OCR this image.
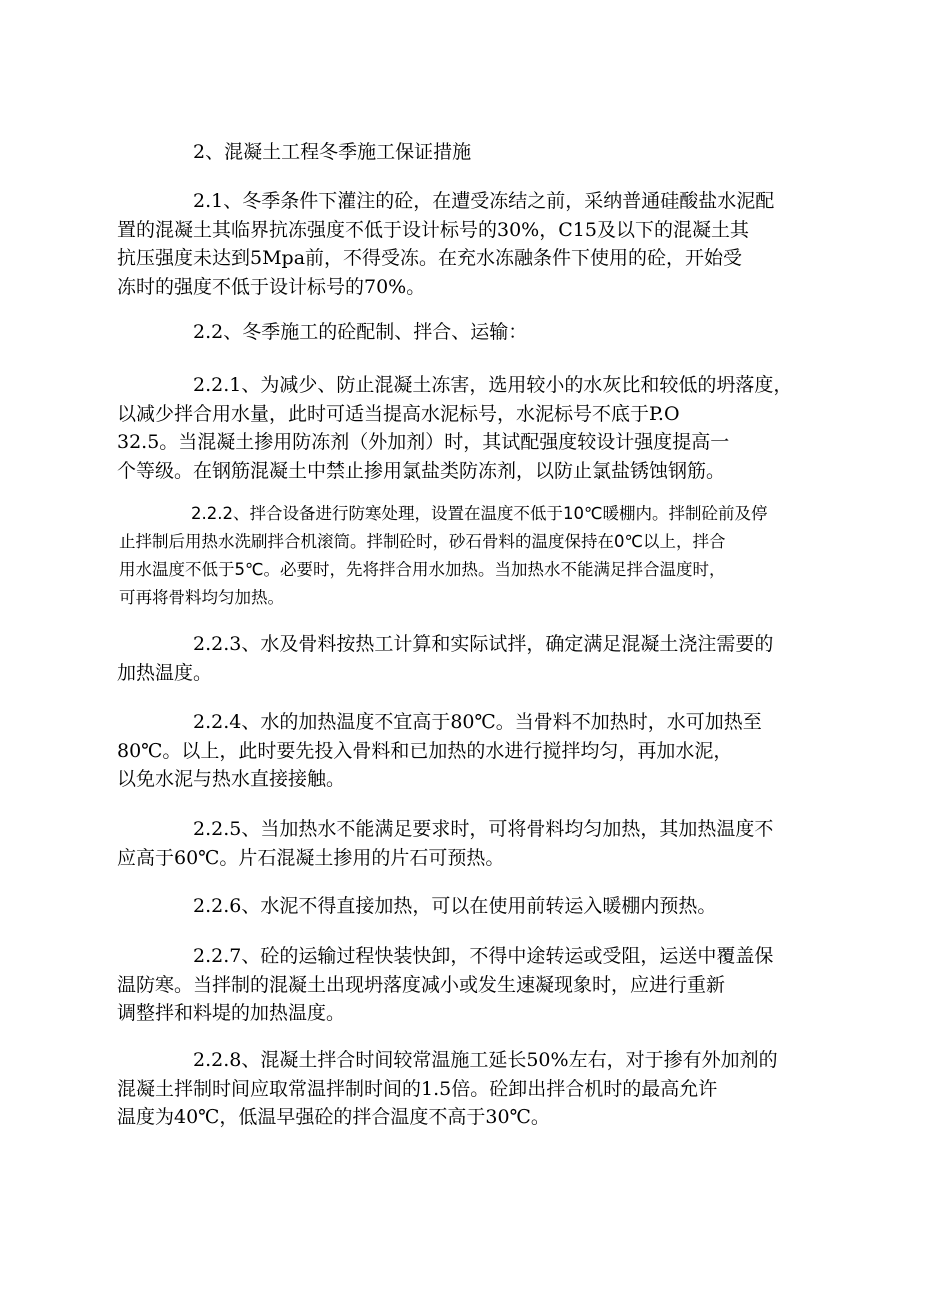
2、混凝土工程冬季施工保证措施

2.1、冬季条件下灌注的砼，在遭受冻结之前，采纳普通硅酸盐水泥配
置的混凝土其临界抗冻强度不低于设计标号的30%，C15及以下的混凝土其
抗压强度未达到5Mpa前，不得受冻。在充水冻融条件下使用的砼，开始受
冻时的强度不低于设计标号的70%。

2.2、冬季施工的砼配制、拌合、运输：

2.2.1、为减少、防止混凝土冻害，选用较小的水灰比和较低的坍落度，
以减少拌合用水量，此时可适当提高水泥标号，水泥标号不底于P.O
32.5。当混凝土掺用防冻剂（外加剂）时，其试配强度较设计强度提高一
个等级。在钢筋混凝土中禁止掺用氯盐类防冻剂，以防止氯盐锈蚀钢筋。

2.2.2、拌合设备进行防寒处理，设置在温度不低于10℃暖棚内。拌制砼前及停
止拌制后用热水洗刷拌合机滚筒。拌制砼时，砂石骨料的温度保持在0℃以上，拌合
用水温度不低于5℃。必要时，先将拌合用水加热。当加热水不能满足拌合温度时，
可再将骨料均匀加热。

2.2.3、水及骨料按热工计算和实际试拌，确定满足混凝土浇注需要的
加热温度。

2.2.4、水的加热温度不宜高于80℃。当骨料不加热时，水可加热至
80℃。以上，此时要先投入骨料和已加热的水进行搅拌均匀，再加水泥，
以免水泥与热水直接接触。

2.2.5、当加热水不能满足要求时，可将骨料均匀加热，其加热温度不
应高于60℃。片石混凝土掺用的片石可预热。

2.2.6、水泥不得直接加热，可以在使用前转运入暖棚内预热。

2.2.7、砼的运输过程快装快卸，不得中途转运或受阻，运送中覆盖保
温防寒。当拌制的混凝土出现坍落度减小或发生速凝现象时，应进行重新
调整拌和料堤的加热温度。

2.2.8、混凝土拌合时间较常温施工延长50%左右，对于掺有外加剂的
混凝土拌制时间应取常温拌制时间的1.5倍。砼卸出拌合机时的最高允许
温度为40℃，低温早强砼的拌合温度不高于30℃。
